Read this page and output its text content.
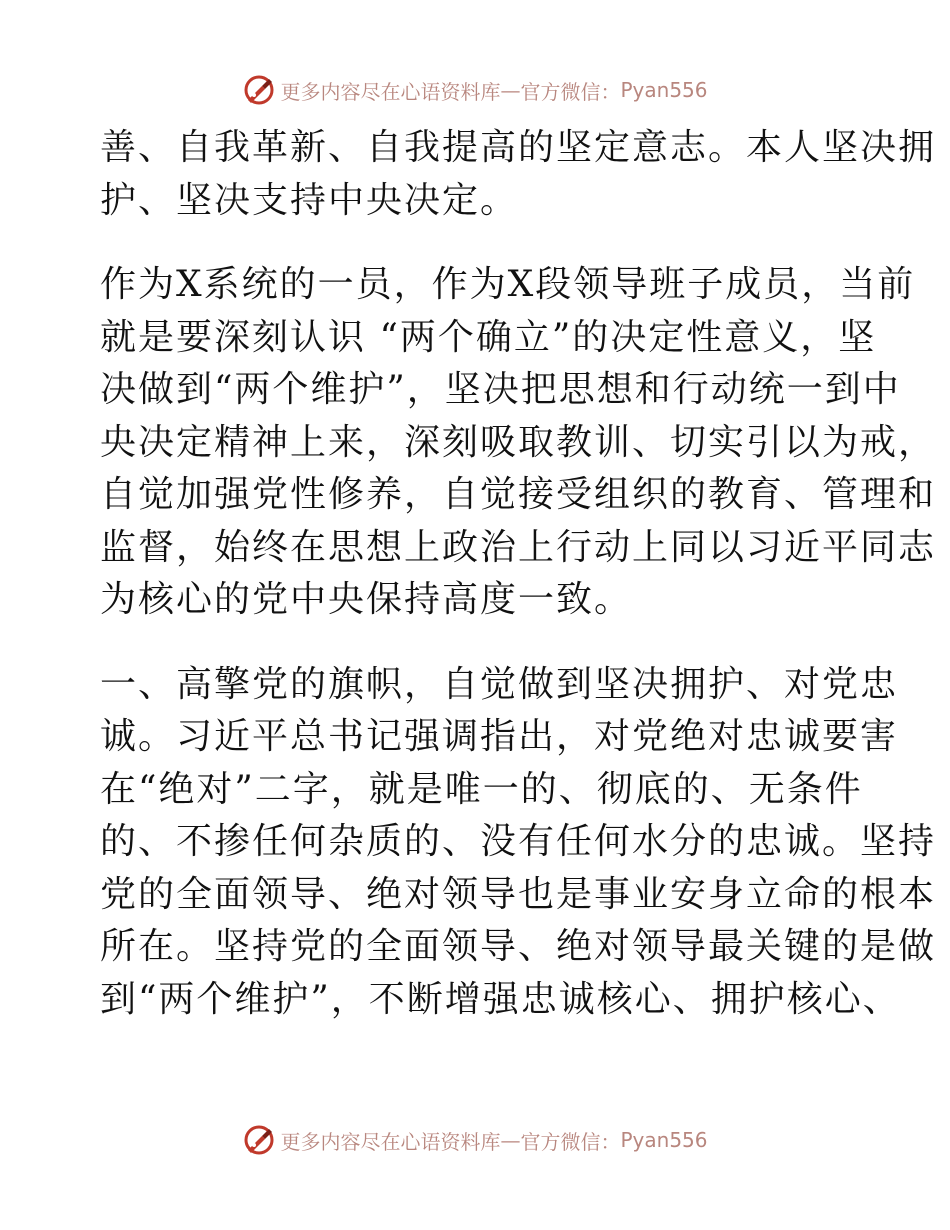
更多内容尽在心语资料库 — 官方微信： Pyan556
善、自我革新、自我提高的坚定意志。本人坚决拥
护、坚决支持中央决定。
作为X系统的一员，作为X段领导班子成员，当前
就是要深刻认识 “两个确立”的决定性意义，坚
决做到“两个维护”，坚决把思想和行动统一到中
央决定精神上来，深刻吸取教训、切实引以为戒，
自觉加强党性修养，自觉接受组织的教育、管理和
监督，始终在思想上政治上行动上同以习近平同志
为核心的党中央保持高度一致。
一、高擎党的旗帜，自觉做到坚决拥护、对党忠
诚。习近平总书记强调指出，对党绝对忠诚要害
在“绝对”二字，就是唯一的、彻底的、无条件
的、不掺任何杂质的、没有任何水分的忠诚。坚持
党的全面领导、绝对领导也是事业安身立命的根本
所在。坚持党的全面领导、绝对领导最关键的是做
到“两个维护”，不断增强忠诚核心、拥护核心、
更多内容尽在心语资料库 — 官方微信： Pyan556
